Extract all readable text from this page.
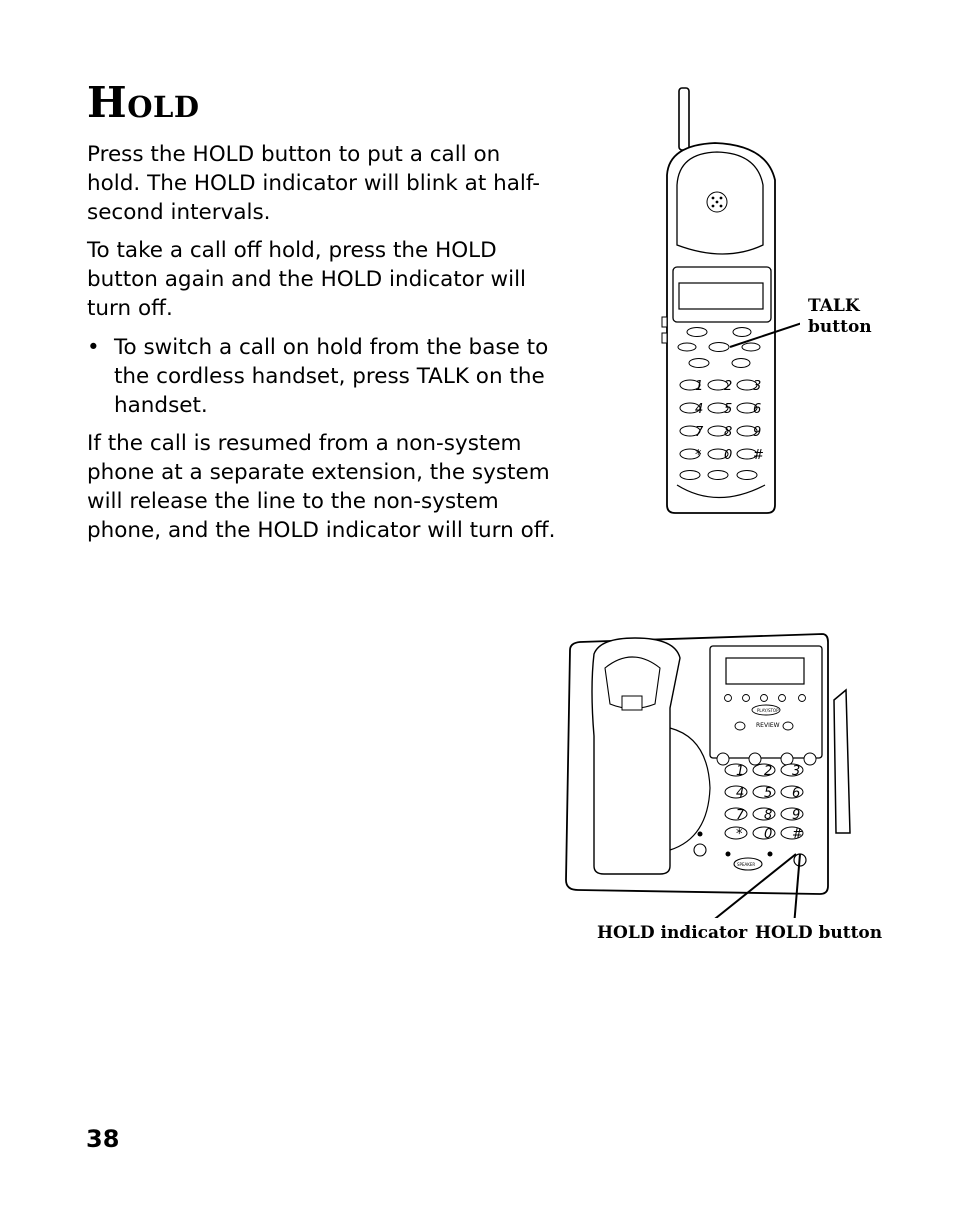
HOLD
Press the HOLD button to put a call on hold. The HOLD indicator will blink at half-second intervals.
To take a call off hold, press the HOLD button again and the HOLD indicator will turn off.
• To switch a call on hold from the base to the cordless handset, press TALK on the handset.
If the call is resumed from a non-system phone at a separate extension, the system will release the line to the non-system phone, and the HOLD indicator will turn off.
1 2 3
4 5 6
7 8 9
* 0 #
TALK
button
PLAY/STOP
REVIEW
1 2 3
4 5 6
7 8 9
* 0 #
SPEAKER
HOLD indicator HOLD button
38
